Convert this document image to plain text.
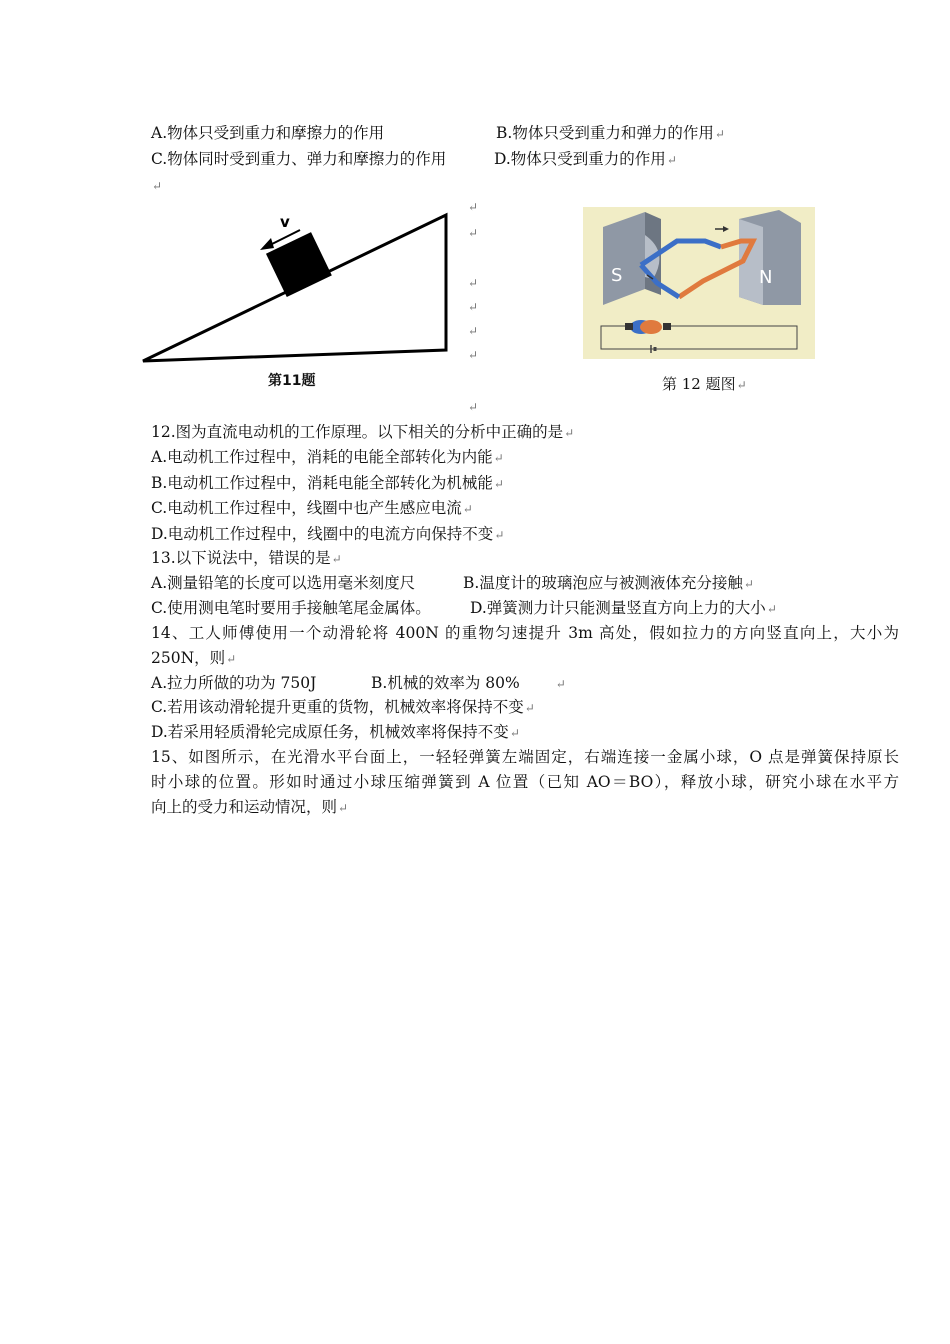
A.物体只受到重力和摩擦力的作用	B.物体只受到重力和弹力的作用↵
C.物体同时受到重力、弹力和摩擦力的作用	D.物体只受到重力的作用↵
↵
v
第11题
↵
↵
↵
↵
↵
↵
↵
S	N
第 12 题图↵
12.图为直流电动机的工作原理。以下相关的分析中正确的是↵
A.电动机工作过程中，消耗的电能全部转化为内能↵
B.电动机工作过程中，消耗电能全部转化为机械能↵
C.电动机工作过程中，线圈中也产生感应电流↵
D.电动机工作过程中，线圈中的电流方向保持不变↵
13.以下说法中，错误的是↵
A.测量铅笔的长度可以选用毫米刻度尺	B.温度计的玻璃泡应与被测液体充分接触↵
C.使用测电笔时要用手接触笔尾金属体。	D.弹簧测力计只能测量竖直方向上力的大小↵
14、工人师傅使用一个动滑轮将 400N 的重物匀速提升 3m 高处，假如拉力的方向竖直向上，大小为
250N，则↵
A.拉力所做的功为 750J	B.机械的效率为 80%	↵
C.若用该动滑轮提升更重的货物，机械效率将保持不变↵
D.若采用轻质滑轮完成原任务，机械效率将保持不变↵
15、如图所示，在光滑水平台面上，一轻轻弹簧左端固定，右端连接一金属小球，O 点是弹簧保持原长
时小球的位置。形如时通过小球压缩弹簧到 A 位置（已知 AO＝BO），释放小球，研究小球在水平方
向上的受力和运动情况，则↵
